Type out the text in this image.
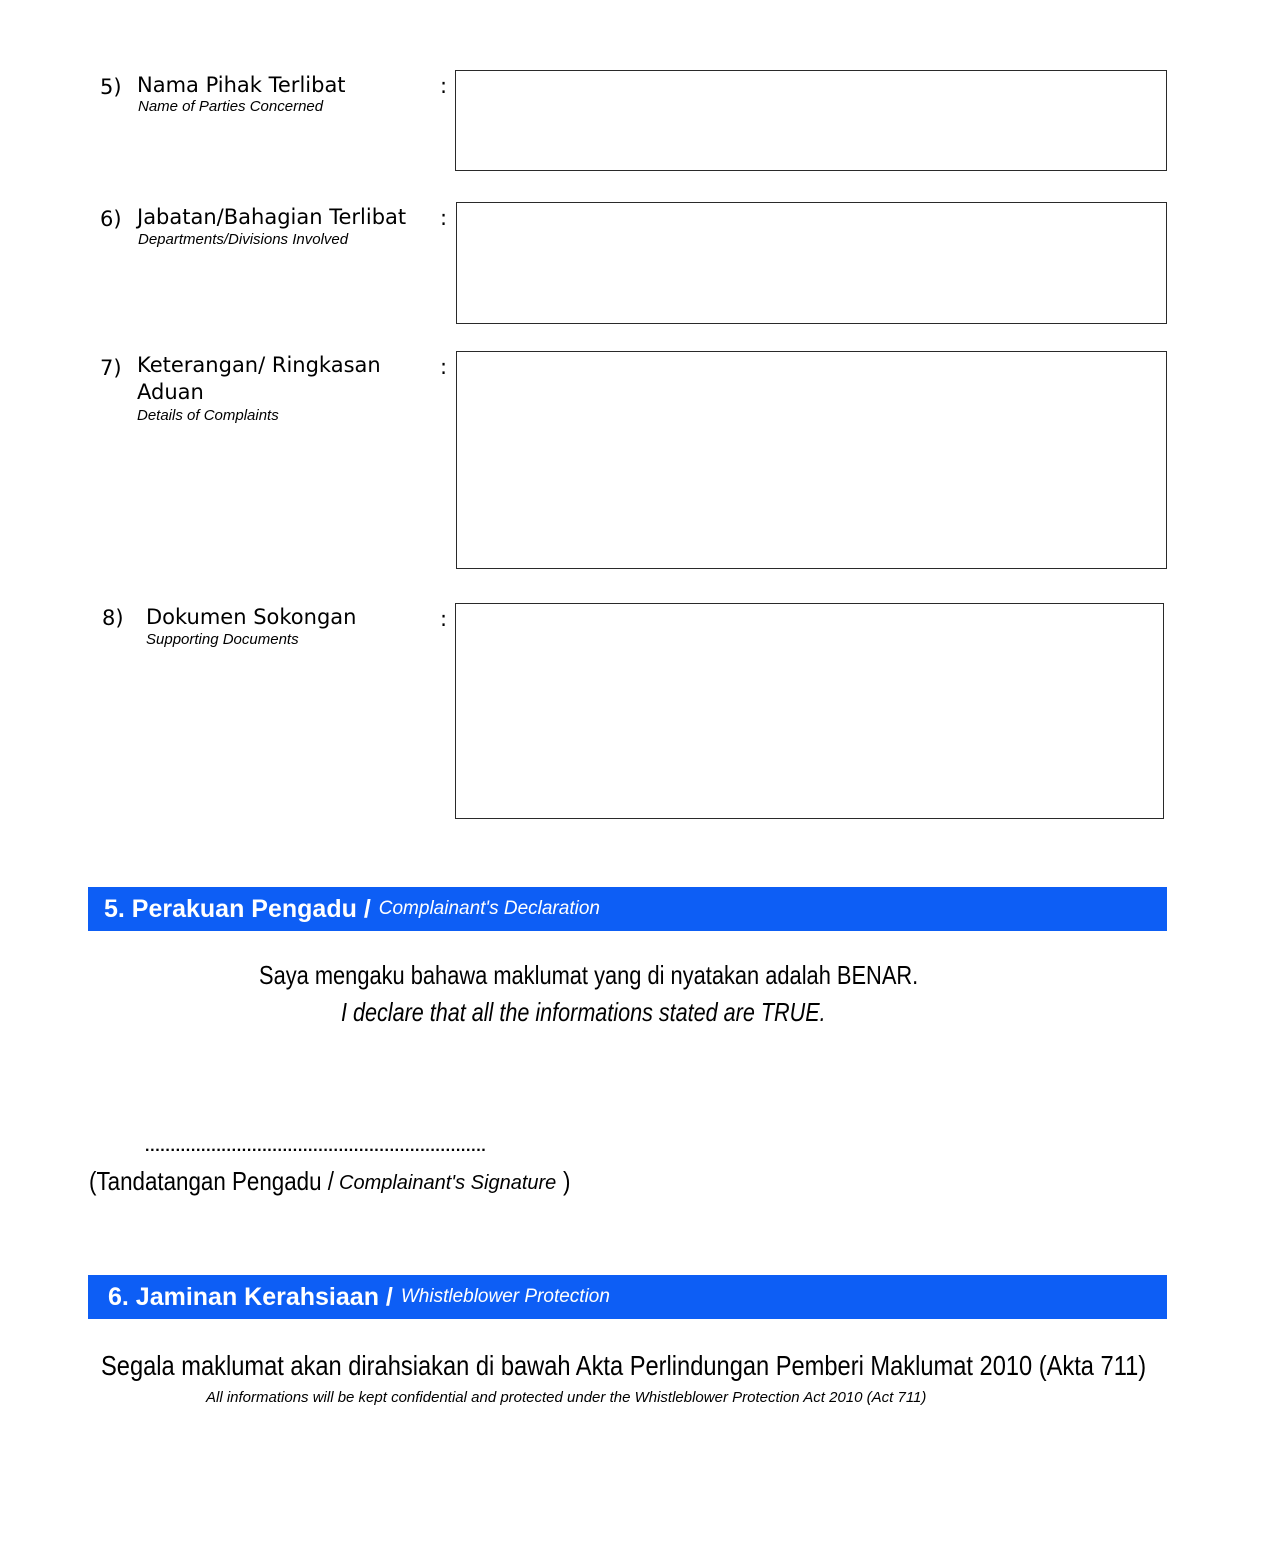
5) Nama Pihak Terlibat
Name of Parties Concerned
:
6) Jabatan/Bahagian Terlibat
Departments/Divisions Involved
:
7) Keterangan/ Ringkasan
Aduan
Details of Complaints
:
8) Dokumen Sokongan
Supporting Documents
:
5. Perakuan Pengadu / Complainant's Declaration
Saya mengaku bahawa maklumat yang di nyatakan adalah BENAR.
I declare that all the informations stated are TRUE.
...................................................................
(Tandatangan Pengadu / Complainant's Signature )
6. Jaminan Kerahsiaan / Whistleblower Protection
Segala maklumat akan dirahsiakan di bawah Akta Perlindungan Pemberi Maklumat 2010 (Akta 711)
All informations will be kept confidential and protected under the Whistleblower Protection Act 2010 (Act 711)
